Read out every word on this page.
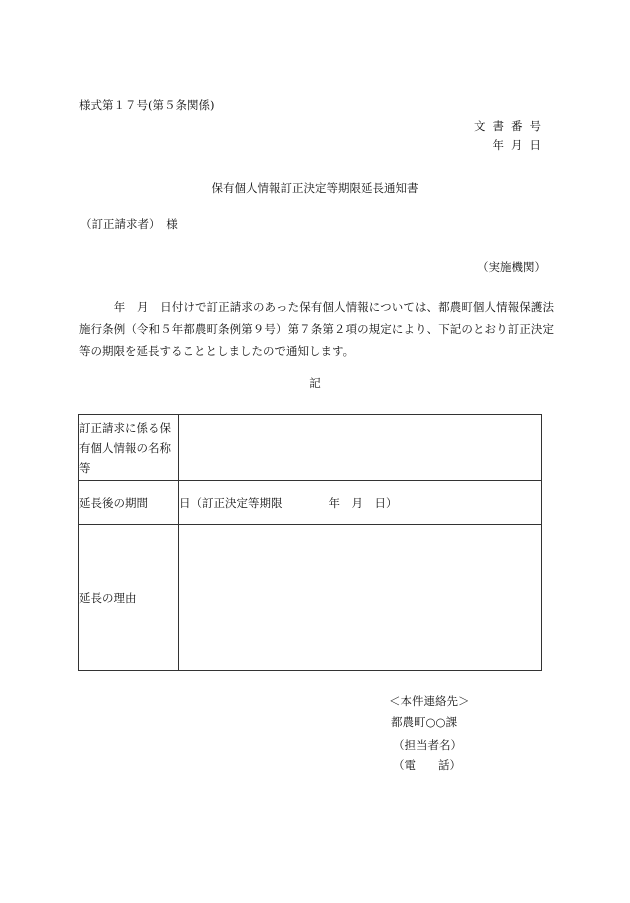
様式第１７号(第５条関係)
文書番号
年月日
保有個人情報訂正決定等期限延長通知書
（訂正請求者）　様
（実施機関）
　　　年　月　日付けで訂正請求のあった保有個人情報については、都農町個人情報保護法施行条例（令和５年都農町条例第９号）第７条第２項の規定により、下記のとおり訂正決定等の期限を延長することとしましたので通知します。
記
訂正請求に係る保有個人情報の名称等	
延長後の期間	日（訂正決定等期限　　　　年　月　日）
延長の理由	
＜本件連絡先＞
都農町○○課
（担当者名）
（電 話）
